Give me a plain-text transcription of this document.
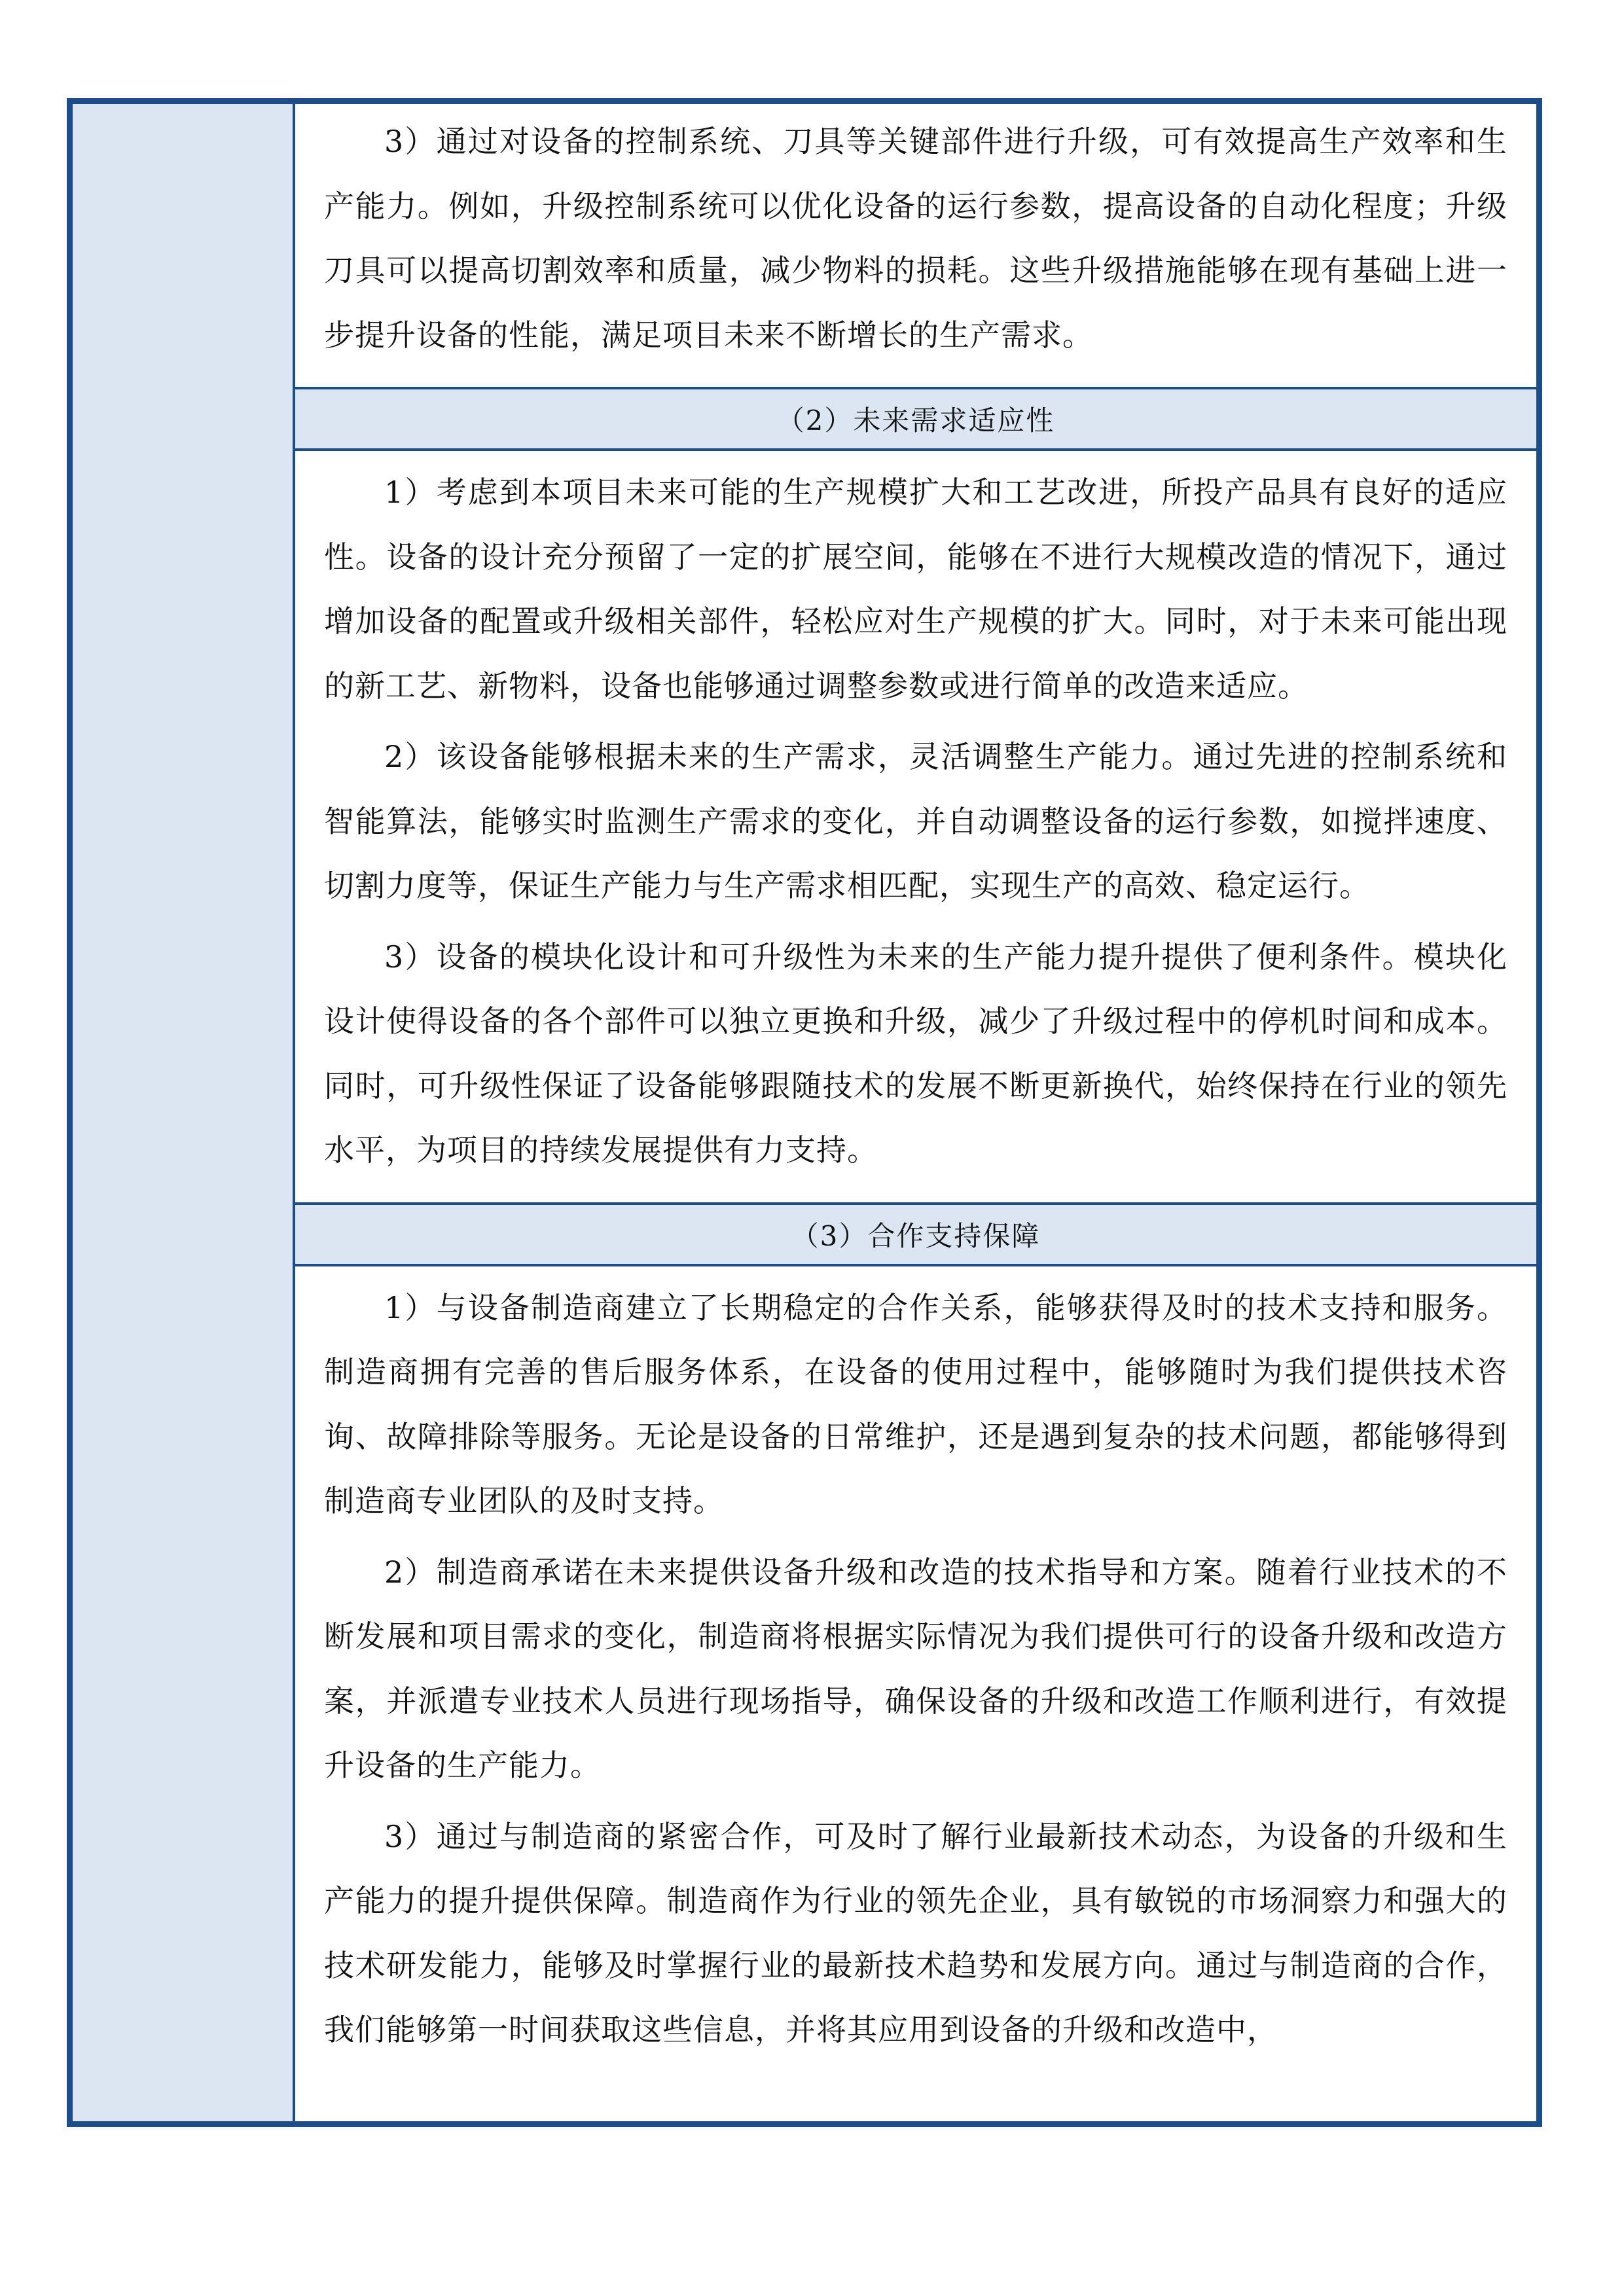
3）通过对设备的控制系统、刀具等关键部件进行升级，可有效提高生产效率和生产能力。例如，升级控制系统可以优化设备的运行参数，提高设备的自动化程度；升级刀具可以提高切割效率和质量，减少物料的损耗。这些升级措施能够在现有基础上进一步提升设备的性能，满足项目未来不断增长的生产需求。

（2）未来需求适应性

1）考虑到本项目未来可能的生产规模扩大和工艺改进，所投产品具有良好的适应性。设备的设计充分预留了一定的扩展空间，能够在不进行大规模改造的情况下，通过增加设备的配置或升级相关部件，轻松应对生产规模的扩大。同时，对于未来可能出现的新工艺、新物料，设备也能够通过调整参数或进行简单的改造来适应。

2）该设备能够根据未来的生产需求，灵活调整生产能力。通过先进的控制系统和智能算法，能够实时监测生产需求的变化，并自动调整设备的运行参数，如搅拌速度、切割力度等，保证生产能力与生产需求相匹配，实现生产的高效、稳定运行。

3）设备的模块化设计和可升级性为未来的生产能力提升提供了便利条件。模块化设计使得设备的各个部件可以独立更换和升级，减少了升级过程中的停机时间和成本。同时，可升级性保证了设备能够跟随技术的发展不断更新换代，始终保持在行业的领先水平，为项目的持续发展提供有力支持。

（3）合作支持保障

1）与设备制造商建立了长期稳定的合作关系，能够获得及时的技术支持和服务。制造商拥有完善的售后服务体系，在设备的使用过程中，能够随时为我们提供技术咨询、故障排除等服务。无论是设备的日常维护，还是遇到复杂的技术问题，都能够得到制造商专业团队的及时支持。

2）制造商承诺在未来提供设备升级和改造的技术指导和方案。随着行业技术的不断发展和项目需求的变化，制造商将根据实际情况为我们提供可行的设备升级和改造方案，并派遣专业技术人员进行现场指导，确保设备的升级和改造工作顺利进行，有效提升设备的生产能力。

3）通过与制造商的紧密合作，可及时了解行业最新技术动态，为设备的升级和生产能力的提升提供保障。制造商作为行业的领先企业，具有敏锐的市场洞察力和强大的技术研发能力，能够及时掌握行业的最新技术趋势和发展方向。通过与制造商的合作，我们能够第一时间获取这些信息，并将其应用到设备的升级和改造中，
